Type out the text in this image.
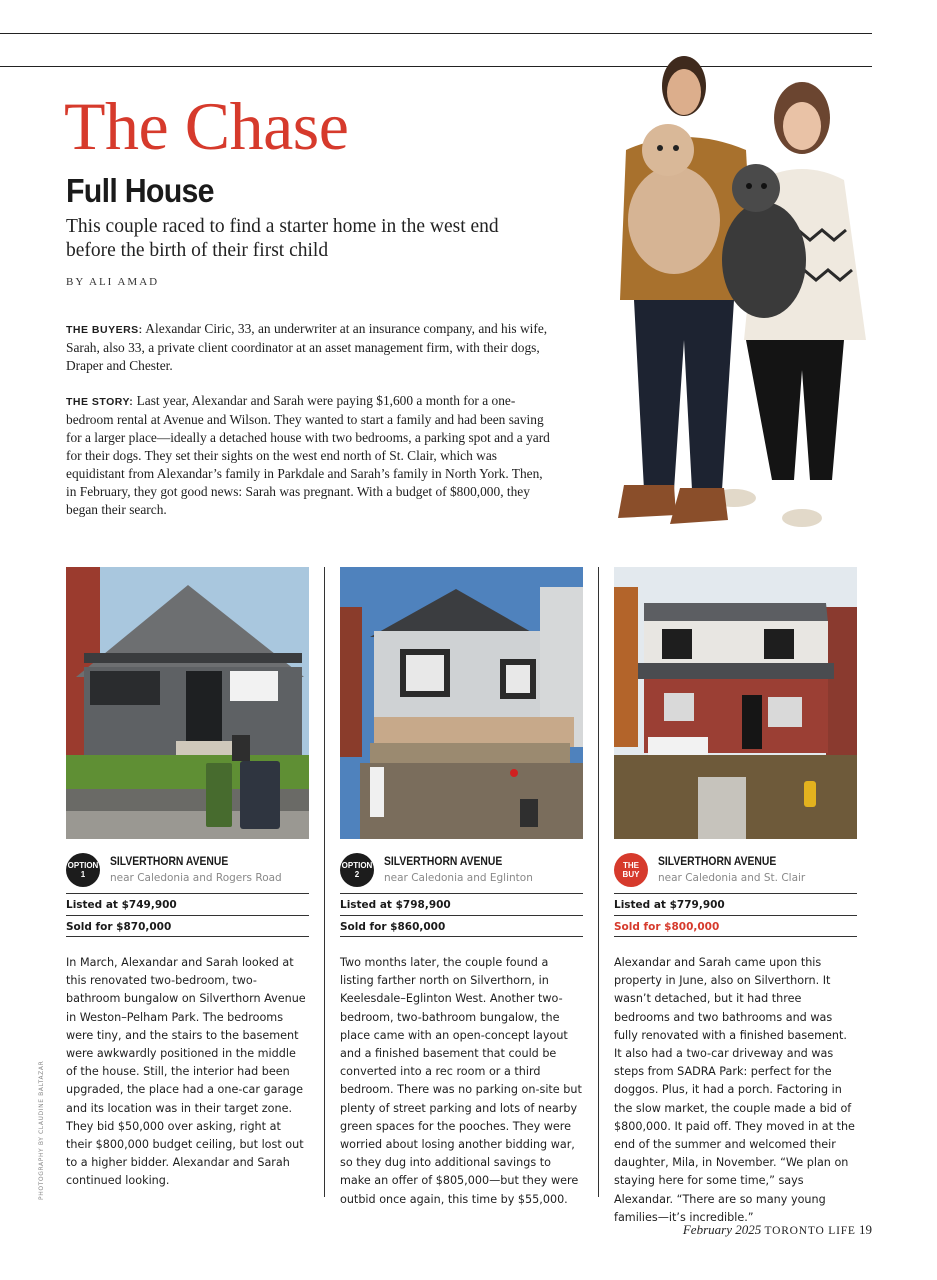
The Chase
Full House
This couple raced to find a starter home in the west end before the birth of their first child
BY ALI AMAD

THE BUYERS: Alexandar Ciric, 33, an underwriter at an insurance company, and his wife, Sarah, also 33, a private client coordinator at an asset management firm, with their dogs, Draper and Chester.

THE STORY: Last year, Alexandar and Sarah were paying $1,600 a month for a one-bedroom rental at Avenue and Wilson. They wanted to start a family and had been saving for a larger place—ideally a detached house with two bedrooms, a parking spot and a yard for their dogs. They set their sights on the west end north of St. Clair, which was equidistant from Alexandar’s family in Parkdale and Sarah’s family in North York. Then, in February, they got good news: Sarah was pregnant. With a budget of $800,000, they began their search.

OPTION
1
SILVERTHORN AVENUE
near Caledonia and Rogers Road
Listed at $749,900
Sold for $870,000

In March, Alexandar and Sarah looked at this renovated two-bedroom, two-bathroom bungalow on Silverthorn Avenue in Weston–Pelham Park. The bedrooms were tiny, and the stairs to the basement were awkwardly positioned in the middle of the house. Still, the interior had been upgraded, the place had a one-car garage and its location was in their target zone. They bid $50,000 over asking, right at their $800,000 budget ceiling, but lost out to a higher bidder. Alexandar and Sarah continued looking.

OPTION
2
SILVERTHORN AVENUE
near Caledonia and Eglinton
Listed at $798,900
Sold for $860,000

Two months later, the couple found a listing farther north on Silverthorn, in Keelesdale–Eglinton West. Another two-bedroom, two-bathroom bungalow, the place came with an open-concept layout and a finished basement that could be converted into a rec room or a third bedroom. There was no parking on-site but plenty of street parking and lots of nearby green spaces for the pooches. They were worried about losing another bidding war, so they dug into additional savings to make an offer of $805,000—but they were outbid once again, this time by $55,000.

THE
BUY
SILVERTHORN AVENUE
near Caledonia and St. Clair
Listed at $779,900
Sold for $800,000

Alexandar and Sarah came upon this property in June, also on Silverthorn. It wasn’t detached, but it had three bedrooms and two bathrooms and was fully renovated with a finished basement. It also had a two-car driveway and was steps from SADRA Park: perfect for the doggos. Plus, it had a porch. Factoring in the slow market, the couple made a bid of $800,000. It paid off. They moved in at the end of the summer and welcomed their daughter, Mila, in November. “We plan on staying here for some time,” says Alexandar. “There are so many young families—it’s incredible.”

PHOTOGRAPHY BY CLAUDINE BALTAZAR
February 2025 TORONTO LIFE 19
